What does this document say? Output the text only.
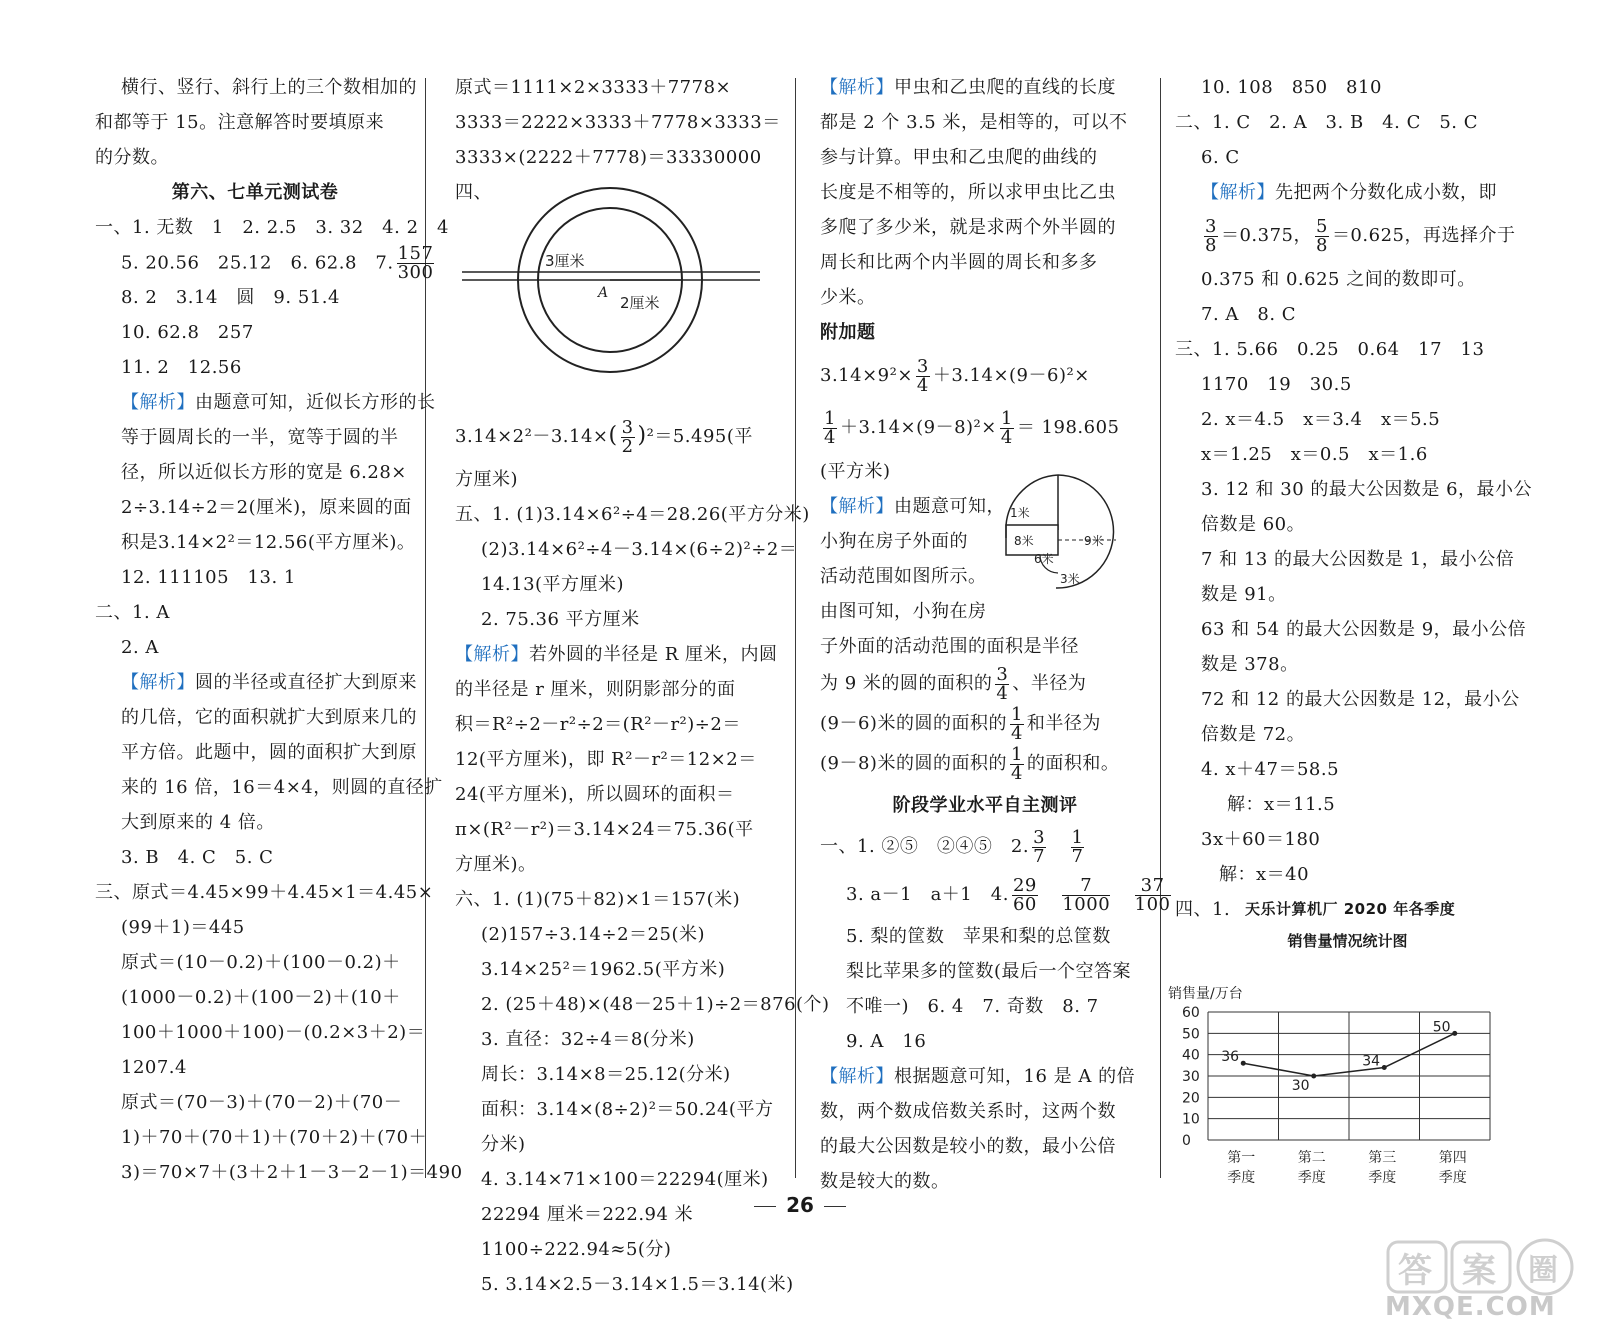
横行、竖行、斜行上的三个数相加的
和都等于 15。注意解答时要填原来
的分数。
第六、七单元测试卷
一、1. 无数　1　2. 2.5　3. 32　4. 2　4
5. 20.56　25.12　6. 62.8　7. $\frac{157}{300}$
8. 2　3.14　圆　9. 51.4
10. 62.8　257
11. 2　12.56
【解析】由题意可知，近似长方形的长
等于圆周长的一半，宽等于圆的半
径，所以近似长方形的宽是 6.28×
2÷3.14÷2＝2(厘米)，原来圆的面
积是3.14×2²＝12.56(平方厘米)。
12. 111105　13. 1
二、1. A
2. A
【解析】圆的半径或直径扩大到原来
的几倍，它的面积就扩大到原来几的
平方倍。此题中，圆的面积扩大到原
来的 16 倍，16＝4×4，则圆的直径扩
大到原来的 4 倍。
3. B　4. C　5. C
三、原式＝4.45×99＋4.45×1＝4.45×
(99＋1)＝445
原式＝(10－0.2)＋(100－0.2)＋
(1000－0.2)＋(100－2)＋(10＋
100＋1000＋100)－(0.2×3＋2)＝
1207.4
原式＝(70－3)＋(70－2)＋(70－
1)＋70＋(70＋1)＋(70＋2)＋(70＋
3)＝70×7＋(3＋2＋1－3－2－1)＝490
原式＝1111×2×3333＋7778×
3333＝2222×3333＋7778×3333＝
3333×(2222＋7778)＝33330000
四、
$3.14\times 2^2-3.14\times( \frac{3}{2} )^2=5.495$(平
方厘米)
五、1. (1)3.14×6²÷4＝28.26(平方分米)
(2)3.14×6²÷4－3.14×(6÷2)²÷2＝
14.13(平方厘米)
2. 75.36 平方厘米
【解析】若外圆的半径是 R 厘米，内圆
的半径是 r 厘米，则阴影部分的面
积＝R²÷2－r²÷2＝(R²－r²)÷2＝
12(平方厘米)，即 R²－r²＝12×2＝
24(平方厘米)，所以圆环的面积＝
π×(R²－r²)＝3.14×24＝75.36(平
方厘米)。
六、1. (1)(75＋82)×1＝157(米)
(2)157÷3.14÷2＝25(米)
3.14×25²＝1962.5(平方米)
2. (25＋48)×(48－25＋1)÷2＝876(个)
3. 直径：32÷4＝8(分米)
周长：3.14×8＝25.12(分米)
面积：3.14×(8÷2)²＝50.24(平方
分米)
4. 3.14×71×100＝22294(厘米)
22294 厘米＝222.94 米
1100÷222.94≈5(分)
5. 3.14×2.5－3.14×1.5＝3.14(米)
3厘米
2厘米
A
【解析】甲虫和乙虫爬的直线的长度
都是 2 个 3.5 米，是相等的，可以不
参与计算。甲虫和乙虫爬的曲线的
长度是不相等的，所以求甲虫比乙虫
多爬了多少米，就是求两个外半圆的
周长和比两个内半圆的周长和多多
少米。
附加题
$3.14\times 9^2\times \frac{3}{4} +3.14\times(9-6)^2\times$
$\frac{1}{4} +3.14\times(9-8)^2\times \frac{1}{4} = 198.605$
(平方米)
【解析】由题意可知，
小狗在房子外面的
活动范围如图所示。
由图可知，小狗在房
子外面的活动范围的面积是半径
为 9 米的圆的面积的 $\frac{3}{4}$ 、半径为
(9－6)米的圆的面积的 $\frac{1}{4}$ 和半径为
(9－8)米的圆的面积的 $\frac{1}{4}$ 的面积和。
阶段学业水平自主测评
一、1. ②⑤　②④⑤　2. $\frac{3}{7}$
　 $\frac{1}{7}$
3. a－1　a＋1　4. $\frac{29}{60}$
　 $\frac{7}{1000}$
　 $\frac{37}{100}$
5. 梨的筐数　苹果和梨的总筐数
梨比苹果多的筐数(最后一个空答案
不唯一)　6. 4　7. 奇数　8. 7
9. A　16
【解析】根据题意可知，16 是 A 的倍
数，两个数成倍数关系时，这两个数
的最大公因数是较小的数，最小公倍
数是较大的数。
1米
8米
6米
9米
3米
10. 108　850　810
二、1. C　2. A　3. B　4. C　5. C
6. C
【解析】先把两个分数化成小数，即
$\frac{3}{8} =0.375$， $\frac{5}{8} =0.625$，再选择介于
0.375 和 0.625 之间的数即可。
7. A　8. C
三、1. 5.66　0.25　0.64　17　13
1170　19　30.5
2. x＝4.5　x＝3.4　x＝5.5
x＝1.25　x＝0.5　x＝1.6
3. 12 和 30 的最大公因数是 6，最小公
倍数是 60。
7 和 13 的最大公因数是 1，最小公倍
数是 91。
63 和 54 的最大公因数是 9，最小公倍
数是 378。
72 和 12 的最大公因数是 12，最小公
倍数是 72。
4. x＋47＝58.5
解：x＝11.5
3x＋60＝180
解：x＝40
四、1. 天乐计算机厂 2020 年各季度
销售量情况统计图
销售量/万台
0
10
20
30
40
50
60
36
30
34
50
第一
季度
第二
季度
第三
季度
第四
季度
26
答 案 圈
MXQE.COM
